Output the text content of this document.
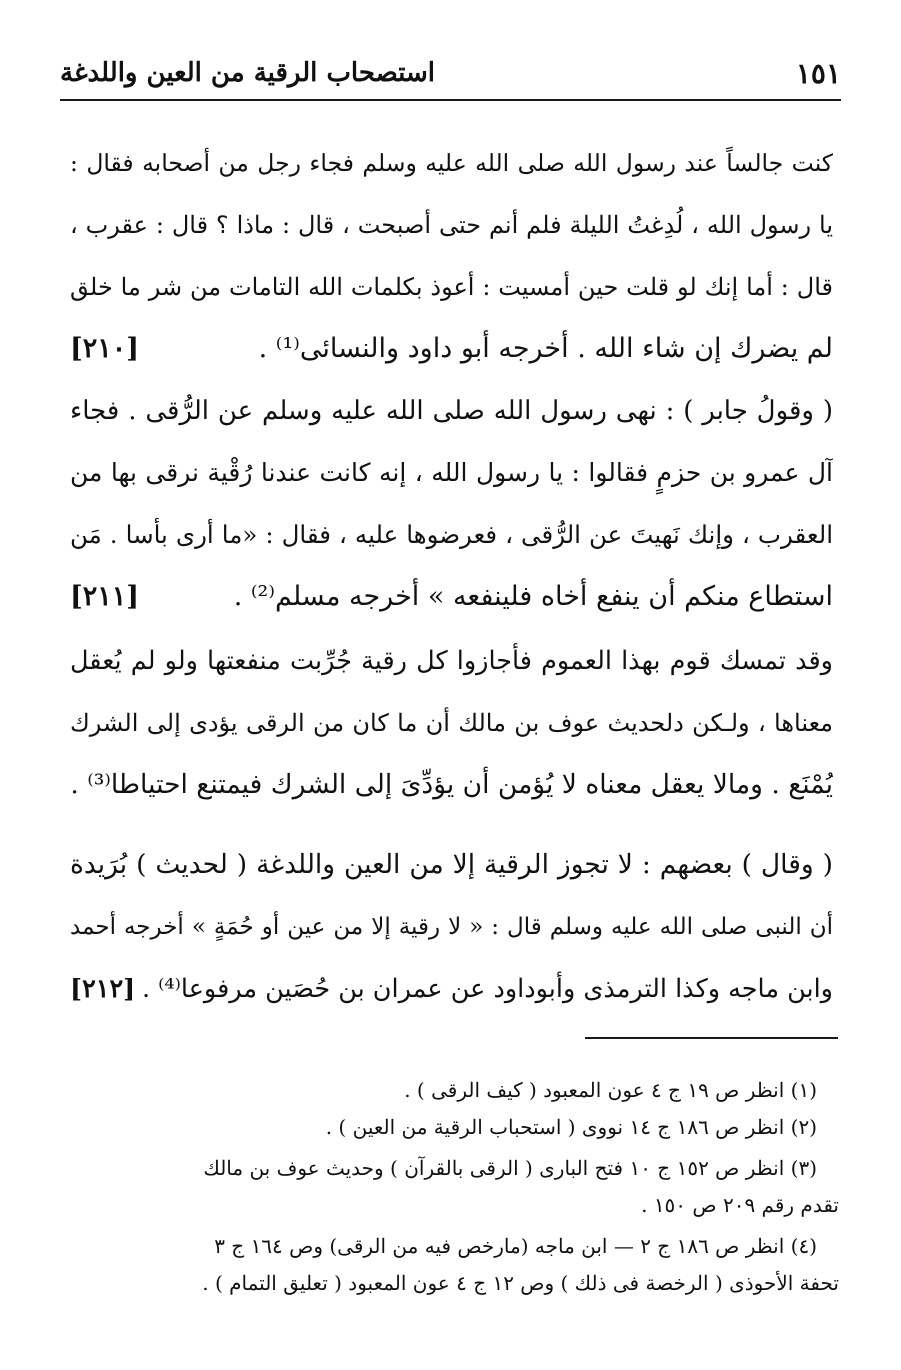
استصحاب الرقية من العين واللدغة	١٥١
كنت جالساً عند رسول الله صلى الله عليه وسلم فجاء رجل من أصحابه فقال :
يا رسول الله ، لُدِغتُ الليلة فلم أنم حتى أصبحت ، قال : ماذا ؟ قال : عقرب ،
قال : أما إنك لو قلت حين أمسيت : أعوذ بكلمات الله التامات من شر ما خلق
لم يضرك إن شاء الله . أخرجه أبو داود والنسائى⁽¹⁾ .
[٢١٠]
( وقولُ جابر ) : نهى رسول الله صلى الله عليه وسلم عن الرُّقى . فجاء
آل عمرو بن حزمٍ فقالوا : يا رسول الله ، إنه كانت عندنا رُقْية نرقى بها من
العقرب ، وإنك نَهيتَ عن الرُّقى ، فعرضوها عليه ، فقال : «ما أرى بأسا . مَن
استطاع منكم أن ينفع أخاه فلينفعه » أخرجه مسلم⁽²⁾ .
[٢١١]
وقد تمسك قوم بهذا العموم فأجازوا كل رقية جُرِّبت منفعتها ولو لم يُعقل
معناها ، ولـكن دلحديث عوف بن مالك أن ما كان من الرقى يؤدى إلى الشرك
يُمْنَع . ومالا يعقل معناه لا يُؤمن أن يؤدِّىَ إلى الشرك فيمتنع احتياطا⁽³⁾ .
( وقال ) بعضهم : لا تجوز الرقية إلا من العين واللدغة ( لحديث ) بُرَيدة
أن النبى صلى الله عليه وسلم قال : « لا رقية إلا من عين أو حُمَةٍ » أخرجه أحمد
وابن ماجه وكذا الترمذى وأبوداود عن عمران بن حُصَين مرفوعا⁽⁴⁾ .
[٢١٢]
(١) انظر ص ١٩ ج ٤ عون المعبود ( كيف الرقى ) .
(٢) انظر ص ١٨٦ ج ١٤ نووى ( استحباب الرقية من العين ) .
(٣) انظر ص ١٥٢ ج ١٠ فتح البارى ( الرقى بالقرآن ) وحديث عوف بن مالك
تقدم رقم ٢٠٩ ص ١٥٠ .
(٤) انظر ص ١٨٦ ج ٢ — ابن ماجه (مارخص فيه من الرقى) وص ١٦٤ ج ٣
تحفة الأحوذى ( الرخصة فى ذلك ) وص ١٢ ج ٤ عون المعبود ( تعليق التمام ) .
